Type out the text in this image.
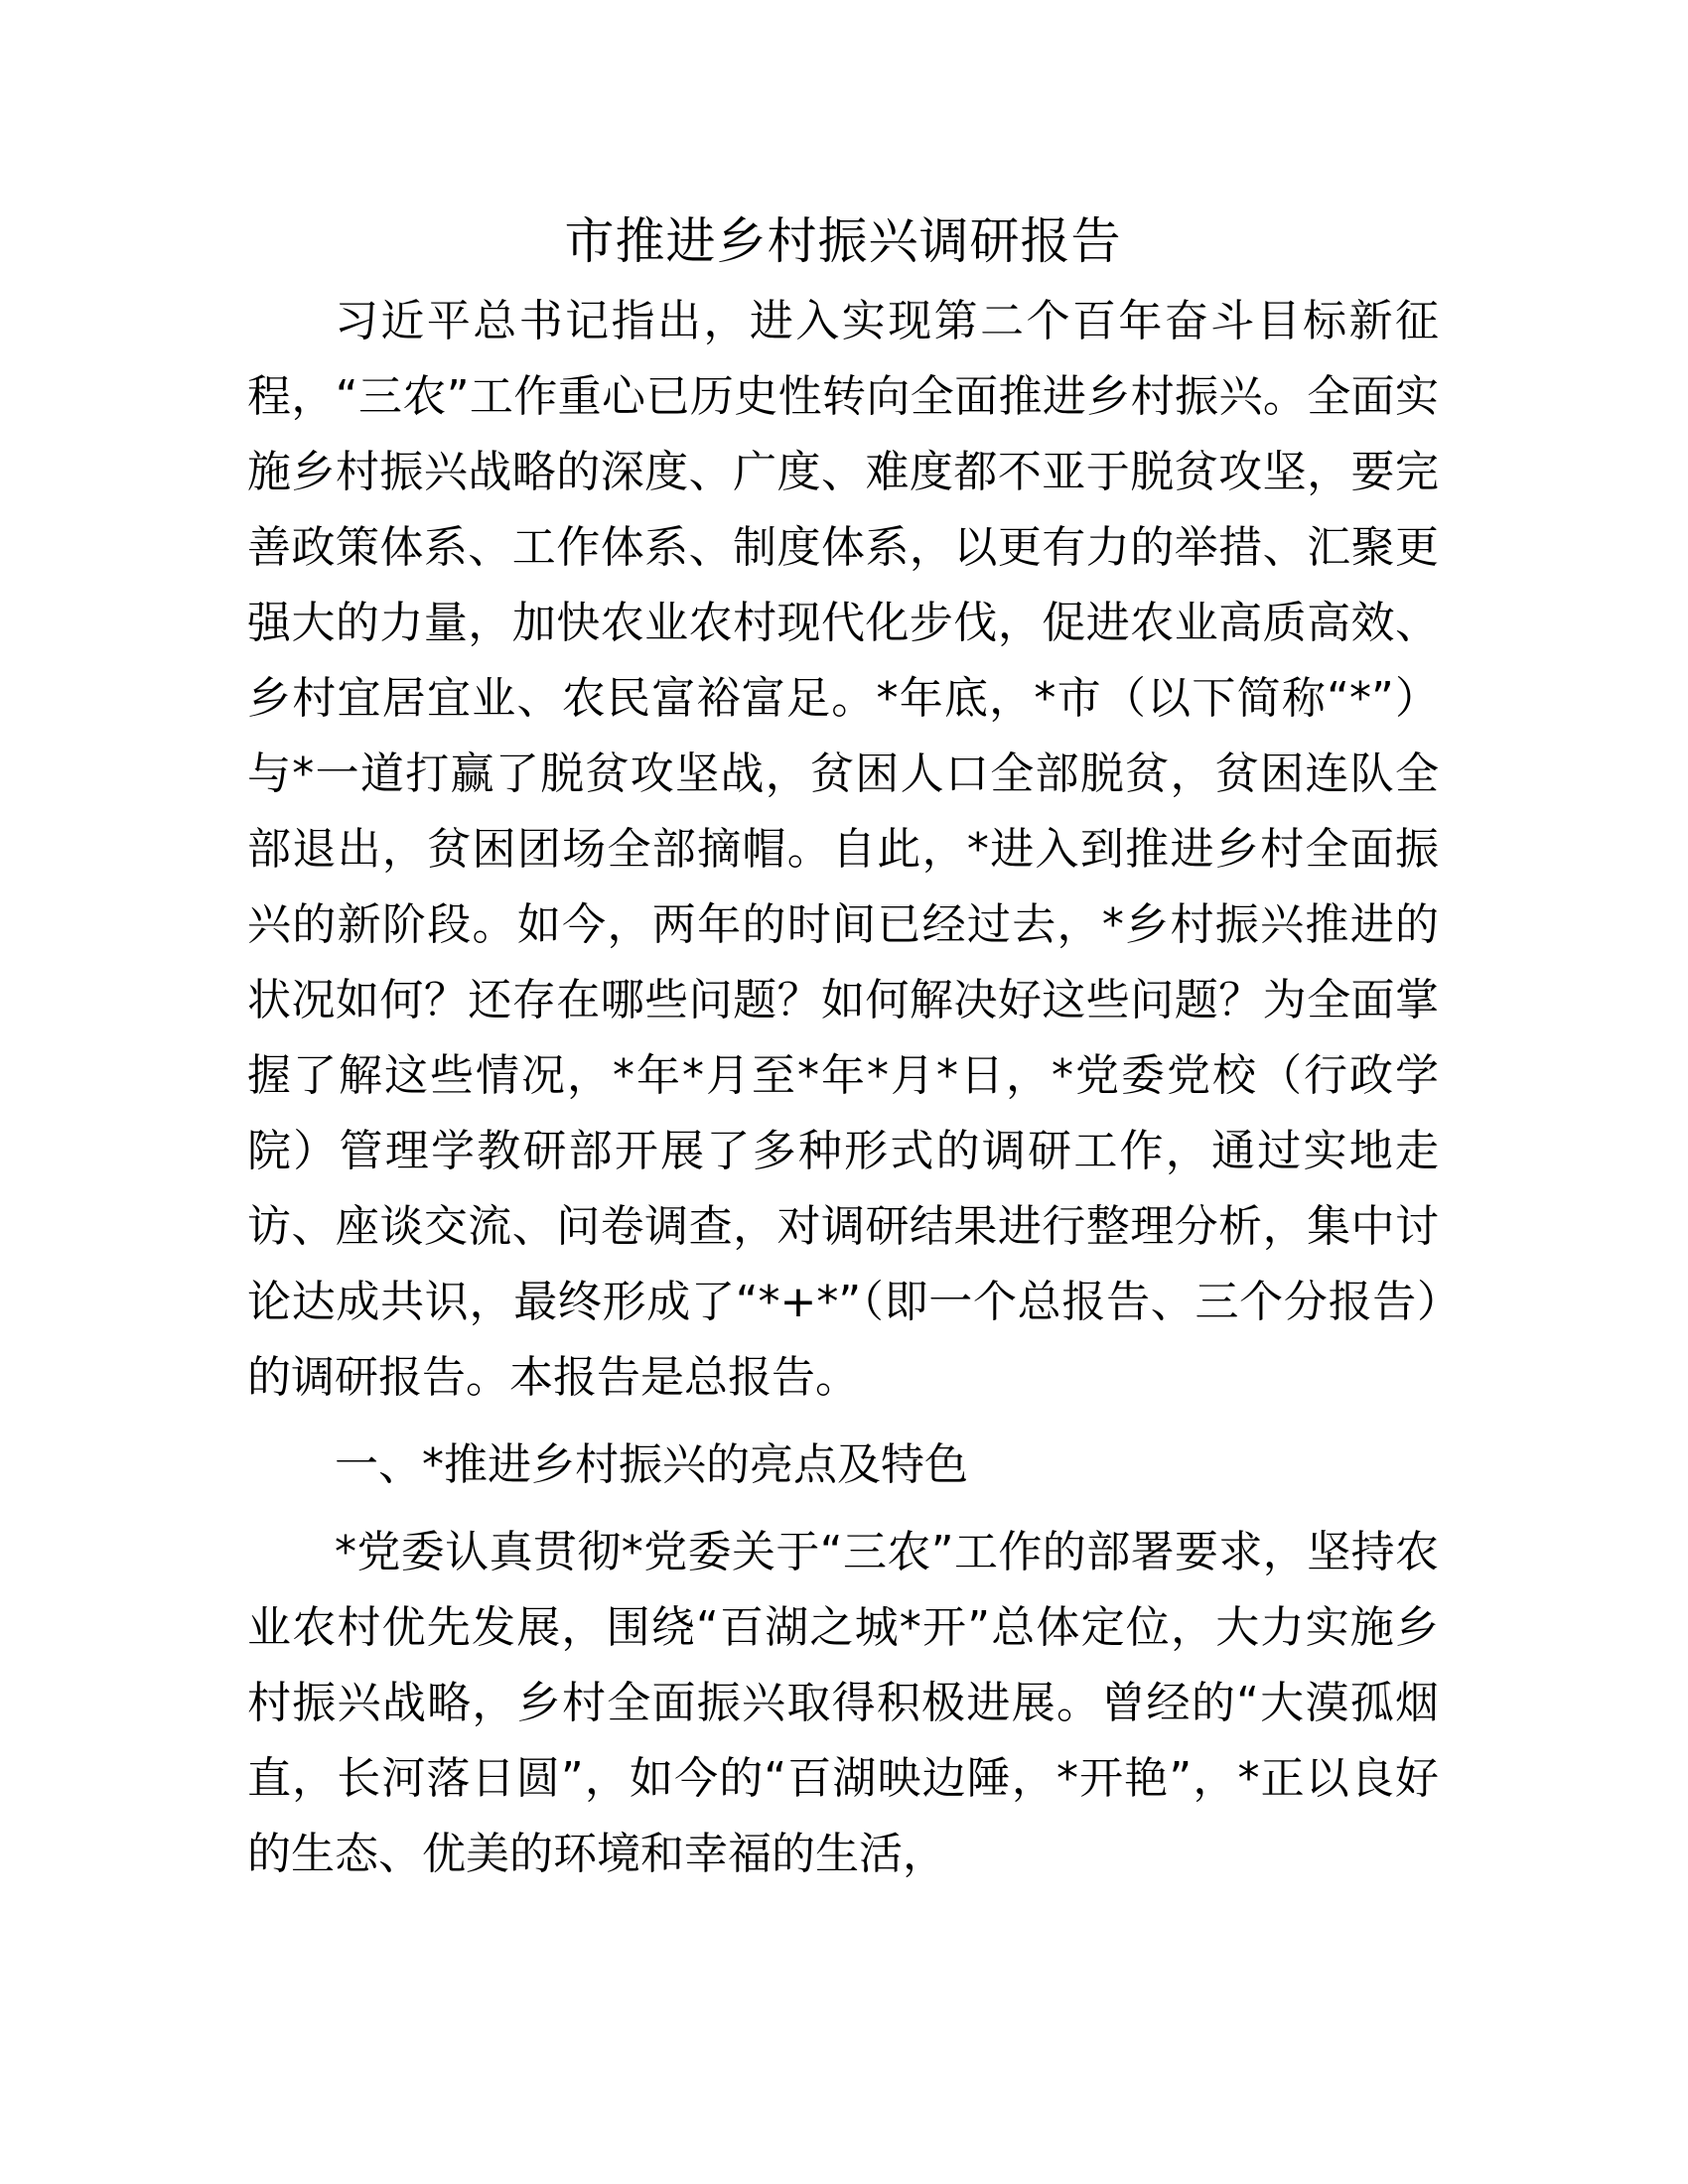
市推进乡村振兴调研报告

习近平总书记指出，进入实现第二个百年奋斗目标新征程，“三农”工作重心已历史性转向全面推进乡村振兴。全面实施乡村振兴战略的深度、广度、难度都不亚于脱贫攻坚，要完善政策体系、工作体系、制度体系，以更有力的举措、汇聚更强大的力量，加快农业农村现代化步伐，促进农业高质高效、乡村宜居宜业、农民富裕富足。*年底，*市（以下简称“*”）与*一道打赢了脱贫攻坚战，贫困人口全部脱贫，贫困连队全部退出，贫困团场全部摘帽。自此，*进入到推进乡村全面振兴的新阶段。如今，两年的时间已经过去，*乡村振兴推进的状况如何？还存在哪些问题？如何解决好这些问题？为全面掌握了解这些情况，*年*月至*年*月*日，*党委党校（行政学院）管理学教研部开展了多种形式的调研工作，通过实地走访、座谈交流、问卷调查，对调研结果进行整理分析，集中讨论达成共识，最终形成了“*+*”（即一个总报告、三个分报告）的调研报告。本报告是总报告。

一、*推进乡村振兴的亮点及特色

*党委认真贯彻*党委关于“三农”工作的部署要求，坚持农业农村优先发展，围绕“百湖之城*开”总体定位，大力实施乡村振兴战略，乡村全面振兴取得积极进展。曾经的“大漠孤烟直，长河落日圆”，如今的“百湖映边陲，*开艳”，*正以良好的生态、优美的环境和幸福的生活，
